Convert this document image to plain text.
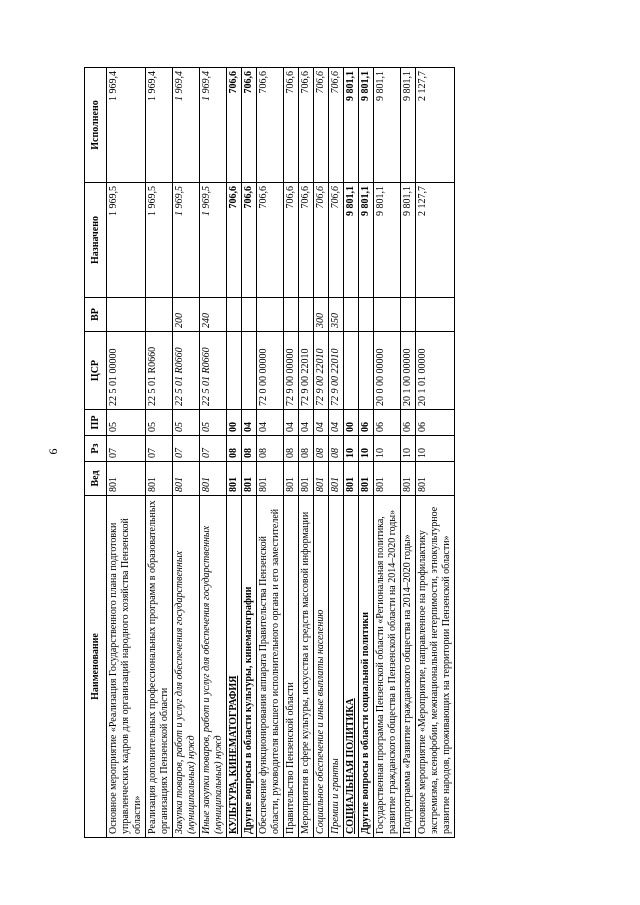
9
Наименование	Вед	Рз	ПР	ЦСР	ВР	Назначено	Исполнено
Основное мероприятие «Реализация Государственного плана подготовки управленческих кадров для организаций народного хозяйства Пензенской области»	801	07	05	22 5 01 00000		1 969,5	1 969,4
Реализация дополнительных профессиональных программ в образовательных организациях Пензенской области	801	07	05	22 5 01 R0660		1 969,5	1 969,4
Закупка товаров, работ и услуг для обеспечения государственных (муниципальных) нужд	801	07	05	22 5 01 R0660	200	1 969,5	1 969,4
Иные закупки товаров, работ и услуг для обеспечения государственных (муниципальных) нужд	801	07	05	22 5 01 R0660	240	1 969,5	1 969,4
КУЛЬТУРА, КИНЕМАТОГРАФИЯ	801	08	00			706,6	706,6
Другие вопросы в области культуры, кинематографии	801	08	04			706,6	706,6
Обеспечение функционирования аппарата Правительства Пензенской области, руководителя высшего исполнительного органа и его заместителей	801	08	04	72 0 00 00000		706,6	706,6
Правительство Пензенской области	801	08	04	72 9 00 00000		706,6	706,6
Мероприятия в сфере культуры, искусства и средств массовой информации	801	08	04	72 9 00 22010		706,6	706,6
Социальное обеспечение и иные выплаты населению	801	08	04	72 9 00 22010	300	706,6	706,6
Премии и гранты	801	08	04	72 9 00 22010	350	706,6	706,6
СОЦИАЛЬНАЯ ПОЛИТИКА	801	10	00			9 801,1	9 801,1
Другие вопросы в области социальной политики	801	10	06			9 801,1	9 801,1
Государственная программа Пензенской области «Региональная политика, развитие гражданского общества в Пензенской области на 2014–2020 годы»	801	10	06	20 0 00 00000		9 801,1	9 801,1
Подпрограмма «Развитие гражданского общества на 2014–2020 годы»	801	10	06	20 1 00 00000		9 801,1	9 801,1
Основное мероприятие «Мероприятие, направленное на профилактику экстремизма, ксенофобии, межнациональной нетерпимости, этнокультурное развитие народов, проживающих на территории Пензенской области»	801	10	06	20 1 01 00000		2 127,7	2 127,7
